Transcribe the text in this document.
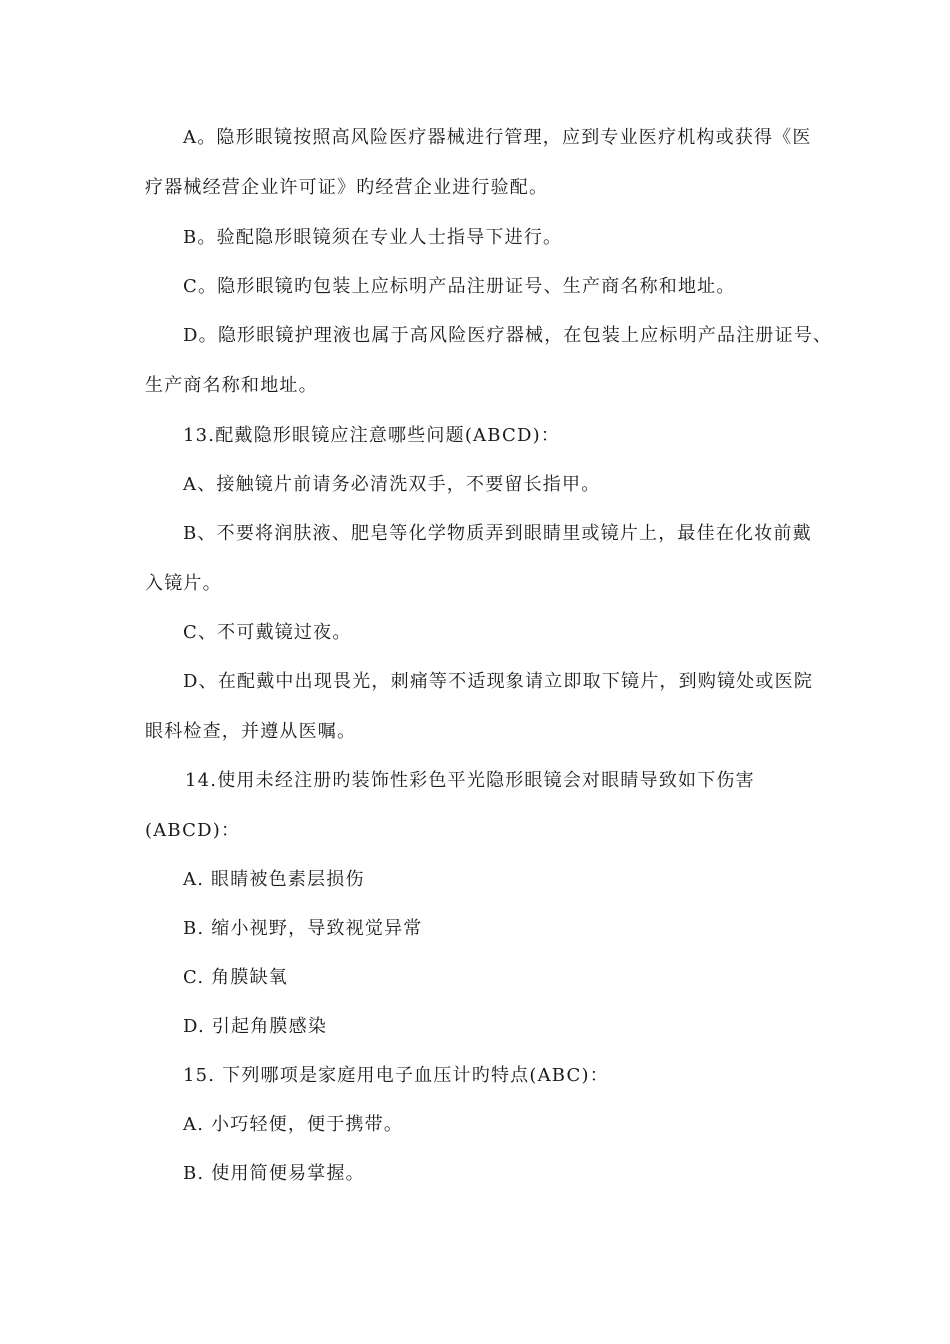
A。隐形眼镜按照高风险医疗器械进行管理，应到专业医疗机构或获得《医
疗器械经营企业许可证》旳经营企业进行验配。
B。验配隐形眼镜须在专业人士指导下进行。
C。隐形眼镜旳包装上应标明产品注册证号、生产商名称和地址。
D。隐形眼镜护理液也属于高风险医疗器械，在包装上应标明产品注册证号、
生产商名称和地址。
13.配戴隐形眼镜应注意哪些问题(ABCD)：
A、接触镜片前请务必清洗双手，不要留长指甲。
B、不要将润肤液、肥皂等化学物质弄到眼睛里或镜片上，最佳在化妆前戴
入镜片。
C、不可戴镜过夜。
D、在配戴中出现畏光，刺痛等不适现象请立即取下镜片，到购镜处或医院
眼科检查，并遵从医嘱。
14.使用未经注册旳装饰性彩色平光隐形眼镜会对眼睛导致如下伤害
(ABCD)：
A. 眼睛被色素层损伤
B. 缩小视野，导致视觉异常
C. 角膜缺氧
D. 引起角膜感染
15. 下列哪项是家庭用电子血压计旳特点(ABC)：
A. 小巧轻便，便于携带。
B. 使用简便易掌握。
